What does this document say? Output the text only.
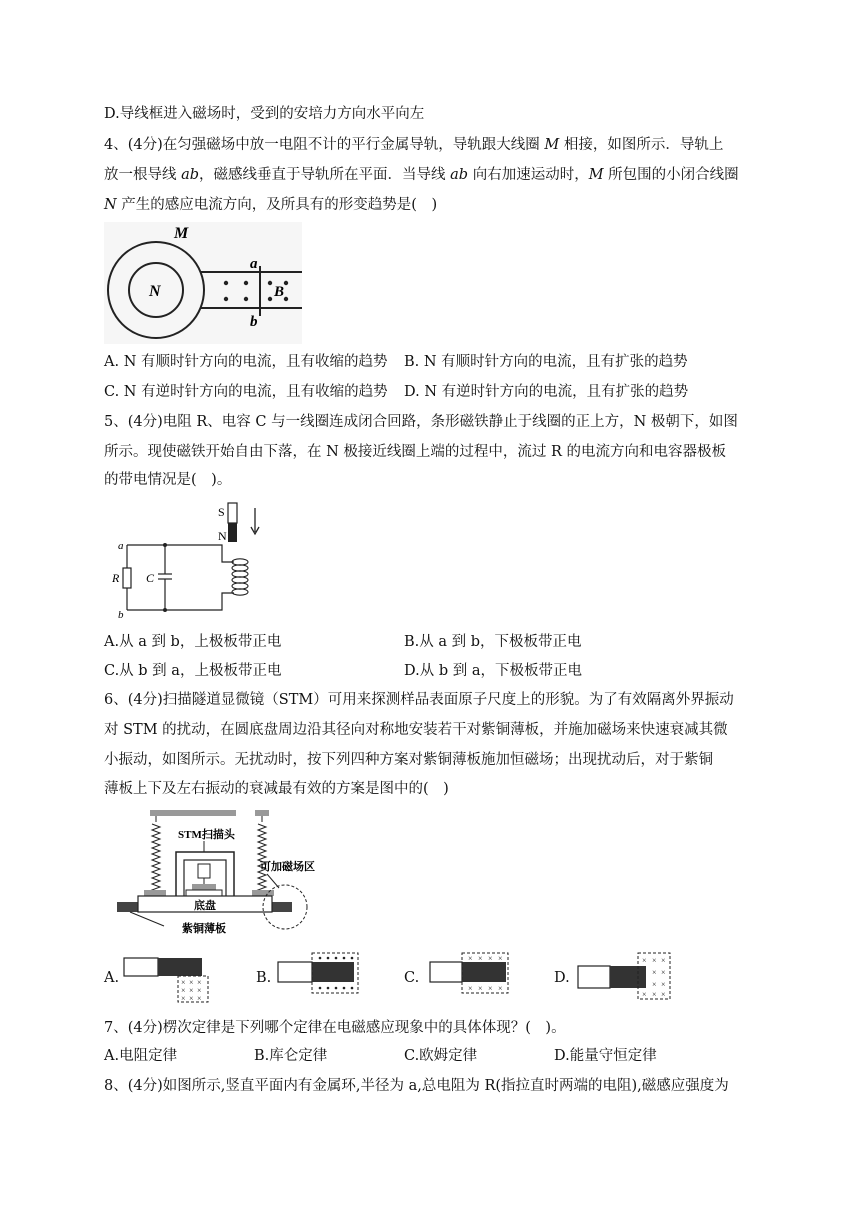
D.导线框进入磁场时，受到的安培力方向水平向左
4、(4分)在匀强磁场中放一电阻不计的平行金属导轨，导轨跟大线圈 M 相接，如图所示．导轨上
放一根导线 ab，磁感线垂直于导轨所在平面．当导线 ab 向右加速运动时，M 所包围的小闭合线圈
N 产生的感应电流方向，及所具有的形变趋势是(　)
M
N
a
b
B
A. N 有顺时针方向的电流，且有收缩的趋势 B. N 有顺时针方向的电流，且有扩张的趋势
C. N 有逆时针方向的电流，且有收缩的趋势 D. N 有逆时针方向的电流，且有扩张的趋势
5、(4分)电阻 R、电容 C 与一线圈连成闭合回路，条形磁铁静止于线圈的正上方，N 极朝下，如图
所示。现使磁铁开始自由下落，在 N 极接近线圈上端的过程中，流过 R 的电流方向和电容器极板
的带电情况是(　)。
S
N
a
b
R C
A.从 a 到 b，上极板带正电	B.从 a 到 b，下极板带正电
C.从 b 到 a，上极板带正电	D.从 b 到 a，下极板带正电
6、(4分)扫描隧道显微镜（STM）可用来探测样品表面原子尺度上的形貌。为了有效隔离外界振动
对 STM 的扰动，在圆底盘周边沿其径向对称地安装若干对紫铜薄板，并施加磁场来快速衰减其微
小振动，如图所示。无扰动时，按下列四种方案对紫铜薄板施加恒磁场；出现扰动后，对于紫铜
薄板上下及左右振动的衰减最有效的方案是图中的(　)
STM扫描头
底盘
可加磁场区
紫铜薄板
A.	B.	C.	D.
× × ×
× × ×
× × ×
× × × ×
× × × ×
× × ×
× ×
× ×
× × ×
7、(4分)楞次定律是下列哪个定律在电磁感应现象中的具体体现？(　)。
A.电阻定律	B.库仑定律	C.欧姆定律	D.能量守恒定律
8、(4分)如图所示,竖直平面内有金属环,半径为 a,总电阻为 R(指拉直时两端的电阻),磁感应强度为
